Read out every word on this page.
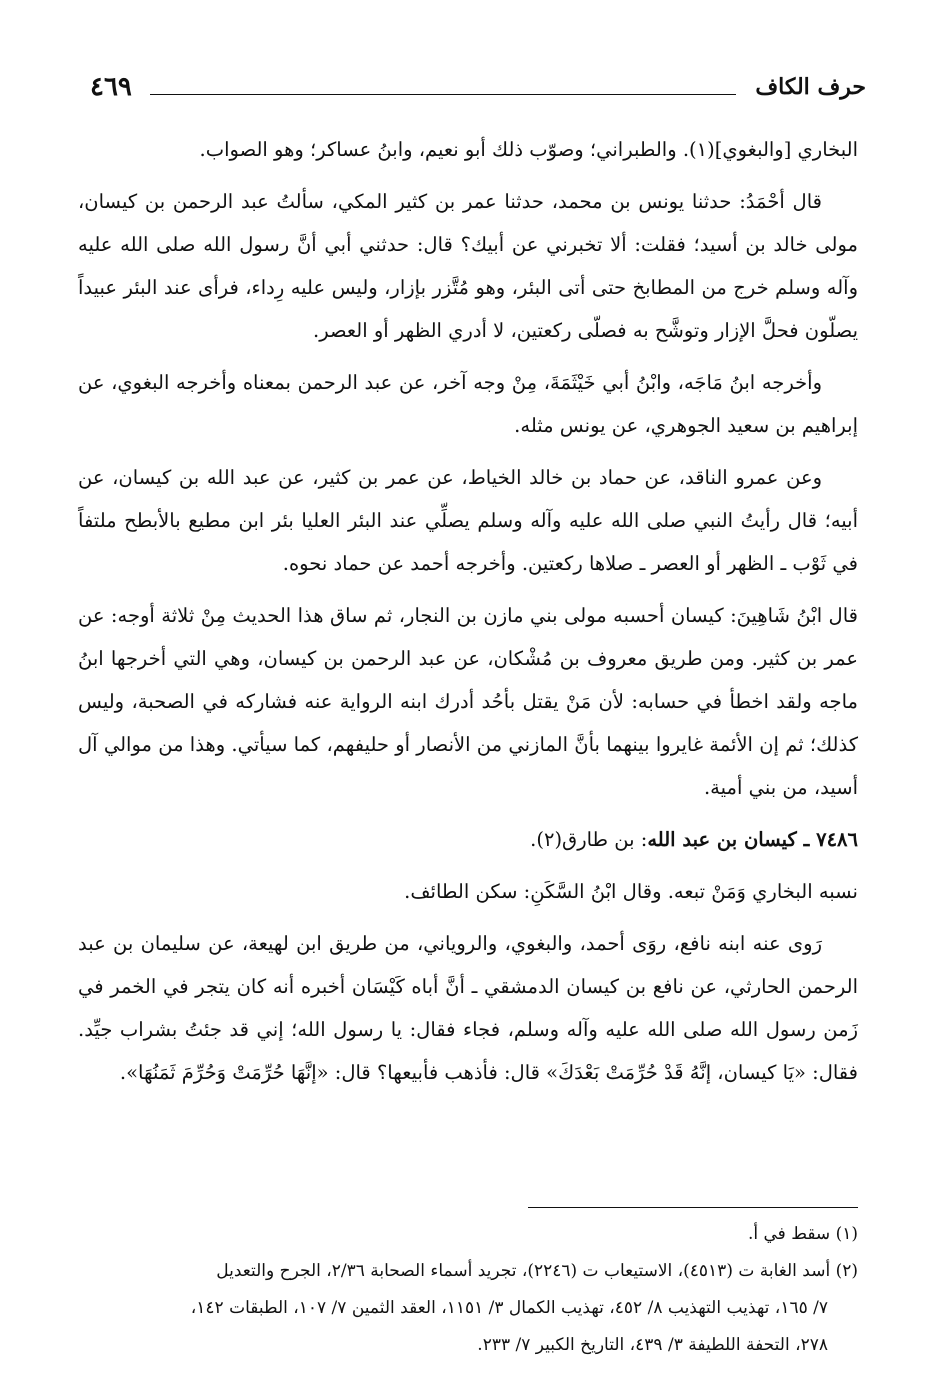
٤٦٩	حرف الكاف

البخاري [والبغوي](١). والطبراني؛ وصوّب ذلك أبو نعيم، وابنُ عساكر؛ وهو الصواب.

قال أحْمَدُ: حدثنا يونس بن محمد، حدثنا عمر بن كثير المكي، سألتُ عبد الرحمن بن كيسان، مولى خالد بن أسيد؛ فقلت: ألا تخبرني عن أبيك؟ قال: حدثني أبي أنَّ رسول الله صلى الله عليه وآله وسلم خرج من المطابخ حتى أتى البئر، وهو مُتَّزر بإزار، وليس عليه رِداء، فرأى عند البئر عبيداً يصلّون فحلَّ الإزار وتوشَّح به فصلّى ركعتين، لا أدري الظهر أو العصر.

وأخرجه ابنُ مَاجَه، وابْنُ أبي خَيْثَمَةَ، مِنْ وجه آخر، عن عبد الرحمن بمعناه وأخرجه البغوي، عن إبراهيم بن سعيد الجوهري، عن يونس مثله.

وعن عمرو الناقد، عن حماد بن خالد الخياط، عن عمر بن كثير، عن عبد الله بن كيسان، عن أبيه؛ قال رأيتُ النبي صلى الله عليه وآله وسلم يصلِّي عند البئر العليا بئر ابن مطيع بالأبطح ملتفاً في ثَوْب ـ الظهر أو العصر ـ صلاها ركعتين. وأخرجه أحمد عن حماد نحوه.

قال ابْنُ شَاهِينَ: كيسان أحسبه مولى بني مازن بن النجار، ثم ساق هذا الحديث مِنْ ثلاثة أوجه: عن عمر بن كثير. ومن طريق معروف بن مُشْكان، عن عبد الرحمن بن كيسان، وهي التي أخرجها ابنُ ماجه ولقد اخطأ في حسابه: لأن مَنْ يقتل بأحُد أدرك ابنه الرواية عنه فشاركه في الصحبة، وليس كذلك؛ ثم إن الأئمة غايروا بينهما بأنَّ المازني من الأنصار أو حليفهم، كما سيأتي. وهذا من موالي آل أسيد، من بني أمية.

٧٤٨٦ ـ كيسان بن عبد الله: بن طارق(٢).

نسبه البخاري وَمَنْ تبعه. وقال ابْنُ السَّكَنِ: سكن الطائف.

رَوى عنه ابنه نافع، روَى أحمد، والبغوي، والروياني، من طريق ابن لهيعة، عن سليمان بن عبد الرحمن الحارثي، عن نافع بن كيسان الدمشقي ـ أنَّ أباه كَيْسَان أخبره أنه كان يتجر في الخمر في زَمن رسول الله صلى الله عليه وآله وسلم، فجاء فقال: يا رسول الله؛ إني قد جئتُ بشراب جيِّد. فقال: «يَا كيسان، إنَّهُ قَدْ حُرِّمَتْ بَعْدَكَ» قال: فأذهب فأبيعها؟ قال: «إنَّهَا حُرِّمَتْ وَحُرِّمَ ثَمَنُهَا».

(١) سقط في أ.

(٢) أسد الغابة ت (٤٥١٣)، الاستيعاب ت (٢٢٤٦)، تجريد أسماء الصحابة ٢/٣٦، الجرح والتعديل

٧/ ١٦٥، تهذيب التهذيب ٨/ ٤٥٢، تهذيب الكمال ٣/ ١١٥١، العقد الثمين ٧/ ١٠٧، الطبقات ١٤٢،

٢٧٨، التحفة اللطيفة ٣/ ٤٣٩، التاريخ الكبير ٧/ ٢٣٣.
